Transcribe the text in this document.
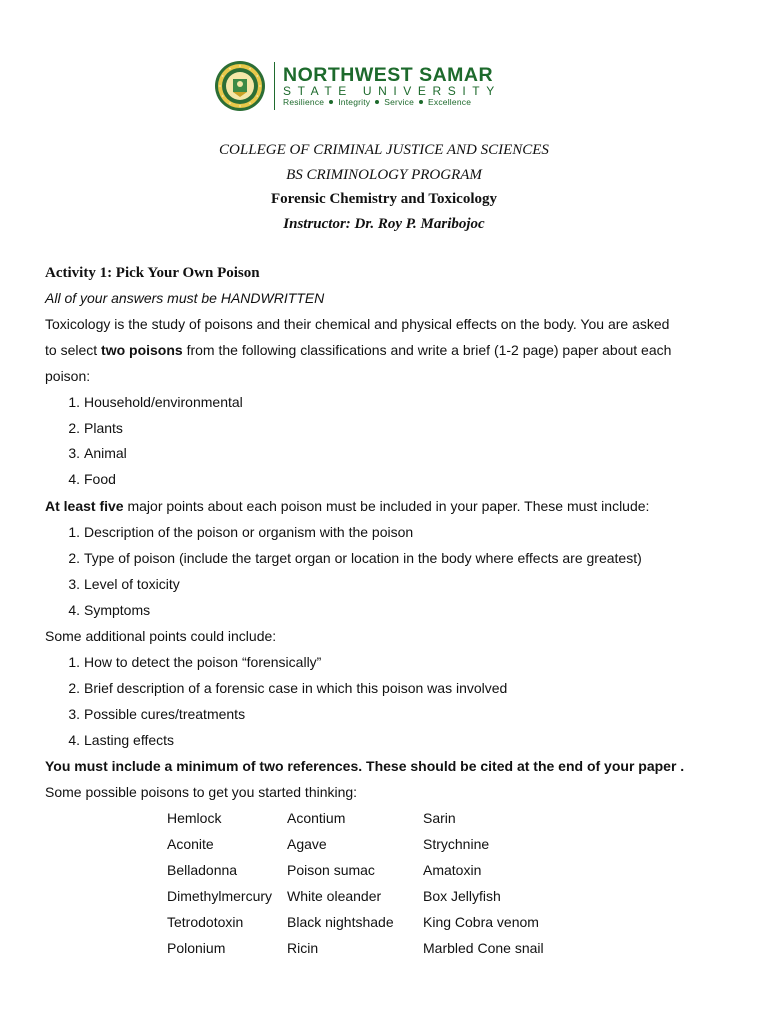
NORTHWEST SAMAR
STATE UNIVERSITY
Resilience Integrity Service Excellence
COLLEGE OF CRIMINAL JUSTICE AND SCIENCES
BS CRIMINOLOGY PROGRAM
Forensic Chemistry and Toxicology
Instructor: Dr. Roy P. Maribojoc
Activity 1: Pick Your Own Poison
All of your answers must be HANDWRITTEN
Toxicology is the study of poisons and their chemical and physical effects on the body. You are asked
to select two poisons from the following classifications and write a brief (1-2 page) paper about each
poison:
1. Household/environmental
2. Plants
3. Animal
4. Food
At least five major points about each poison must be included in your paper. These must include:
1. Description of the poison or organism with the poison
2. Type of poison (include the target organ or location in the body where effects are greatest)
3. Level of toxicity
4. Symptoms
Some additional points could include:
1. How to detect the poison “forensically”
2. Brief description of a forensic case in which this poison was involved
3. Possible cures/treatments
4. Lasting effects
You must include a minimum of two references. These should be cited at the end of your paper .
Some possible poisons to get you started thinking:
Hemlock
Aconite
Belladonna
Dimethylmercury
Tetrodotoxin
Polonium
Acontium
Agave
Poison sumac
White oleander
Black nightshade
Ricin
Sarin
Strychnine
Amatoxin
Box Jellyfish
King Cobra venom
Marbled Cone snail
